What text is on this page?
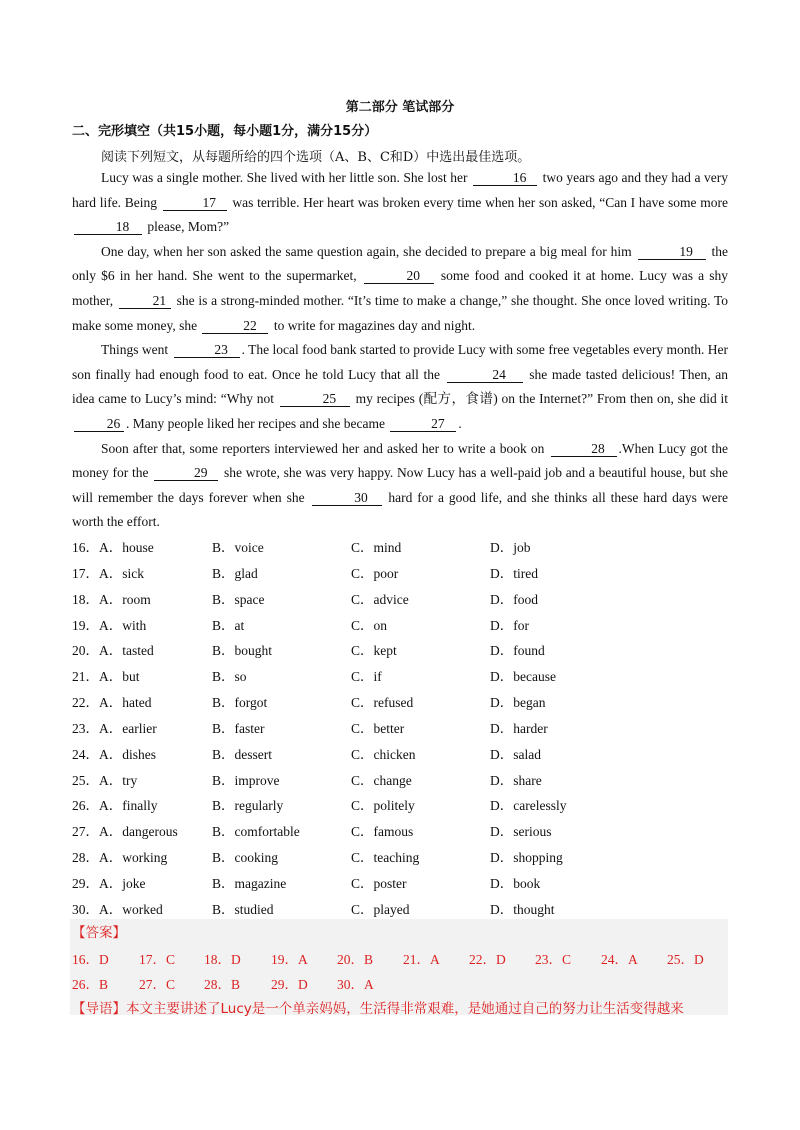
第二部分 笔试部分
二、完形填空（共15小题，每小题1分，满分15分）
阅读下列短文，从每题所给的四个选项（A、B、C和D）中选出最佳选项。

Lucy was a single mother. She lived with her little son. She lost her	16 two years ago and they had a very hard life. Being	17 was terrible. Her heart was broken every time when her son asked, “Can I have some more 18 please, Mom?”

One day, when her son asked the same question again, she decided to prepare a big meal for him	19 the only $6 in her hand. She went to the supermarket,	20 some food and cooked it at home. Lucy was a shy mother,	21 she is a strong-minded mother. “It’s time to make a change,” she thought. She once loved writing. To make some money, she	22 to write for magazines day and night.

Things went	23 . The local food bank started to provide Lucy with some free vegetables every month. Her son finally had enough food to eat. Once he told Lucy that all the	24 she made tasted delicious! Then, an idea came to Lucy’s mind: “Why not	25 my recipes (配方，食谱) on the Internet?” From then on, she did it 26 . Many people liked her recipes and she became	27 .

Soon after that, some reporters interviewed her and asked her to write a book on	28 .When Lucy got the money for the	29 she wrote, she was very happy. Now Lucy has a well-paid job and a beautiful house, but she will remember the days forever when she	30 hard for a good life, and she thinks all these hard days were worth the effort.

16．A．house	B．voice	C．mind	D．job
17．A．sick	B．glad	C．poor	D．tired
18．A．room	B．space	C．advice	D．food
19．A．with	B．at	C．on	D．for
20．A．tasted	B．bought	C．kept	D．found
21．A．but	B．so	C．if	D．because
22．A．hated	B．forgot	C．refused	D．began
23．A．earlier	B．faster	C．better	D．harder
24．A．dishes	B．dessert	C．chicken	D．salad
25．A．try	B．improve	C．change	D．share
26．A．finally	B．regularly	C．politely	D．carelessly
27．A．dangerous	B．comfortable	C．famous	D．serious
28．A．working	B．cooking	C．teaching	D．shopping
29．A．joke	B．magazine	C．poster	D．book
30．A．worked	B．studied	C．played	D．thought
【答案】
16．D 17．C 18．D 19．A 20．B 21．A 22．D 23．C 24．A 25．D
26．B 27．C 28．B 29．D 30．A
【导语】本文主要讲述了Lucy是一个单亲妈妈，生活得非常艰难，是她通过自己的努力让生活变得越来
